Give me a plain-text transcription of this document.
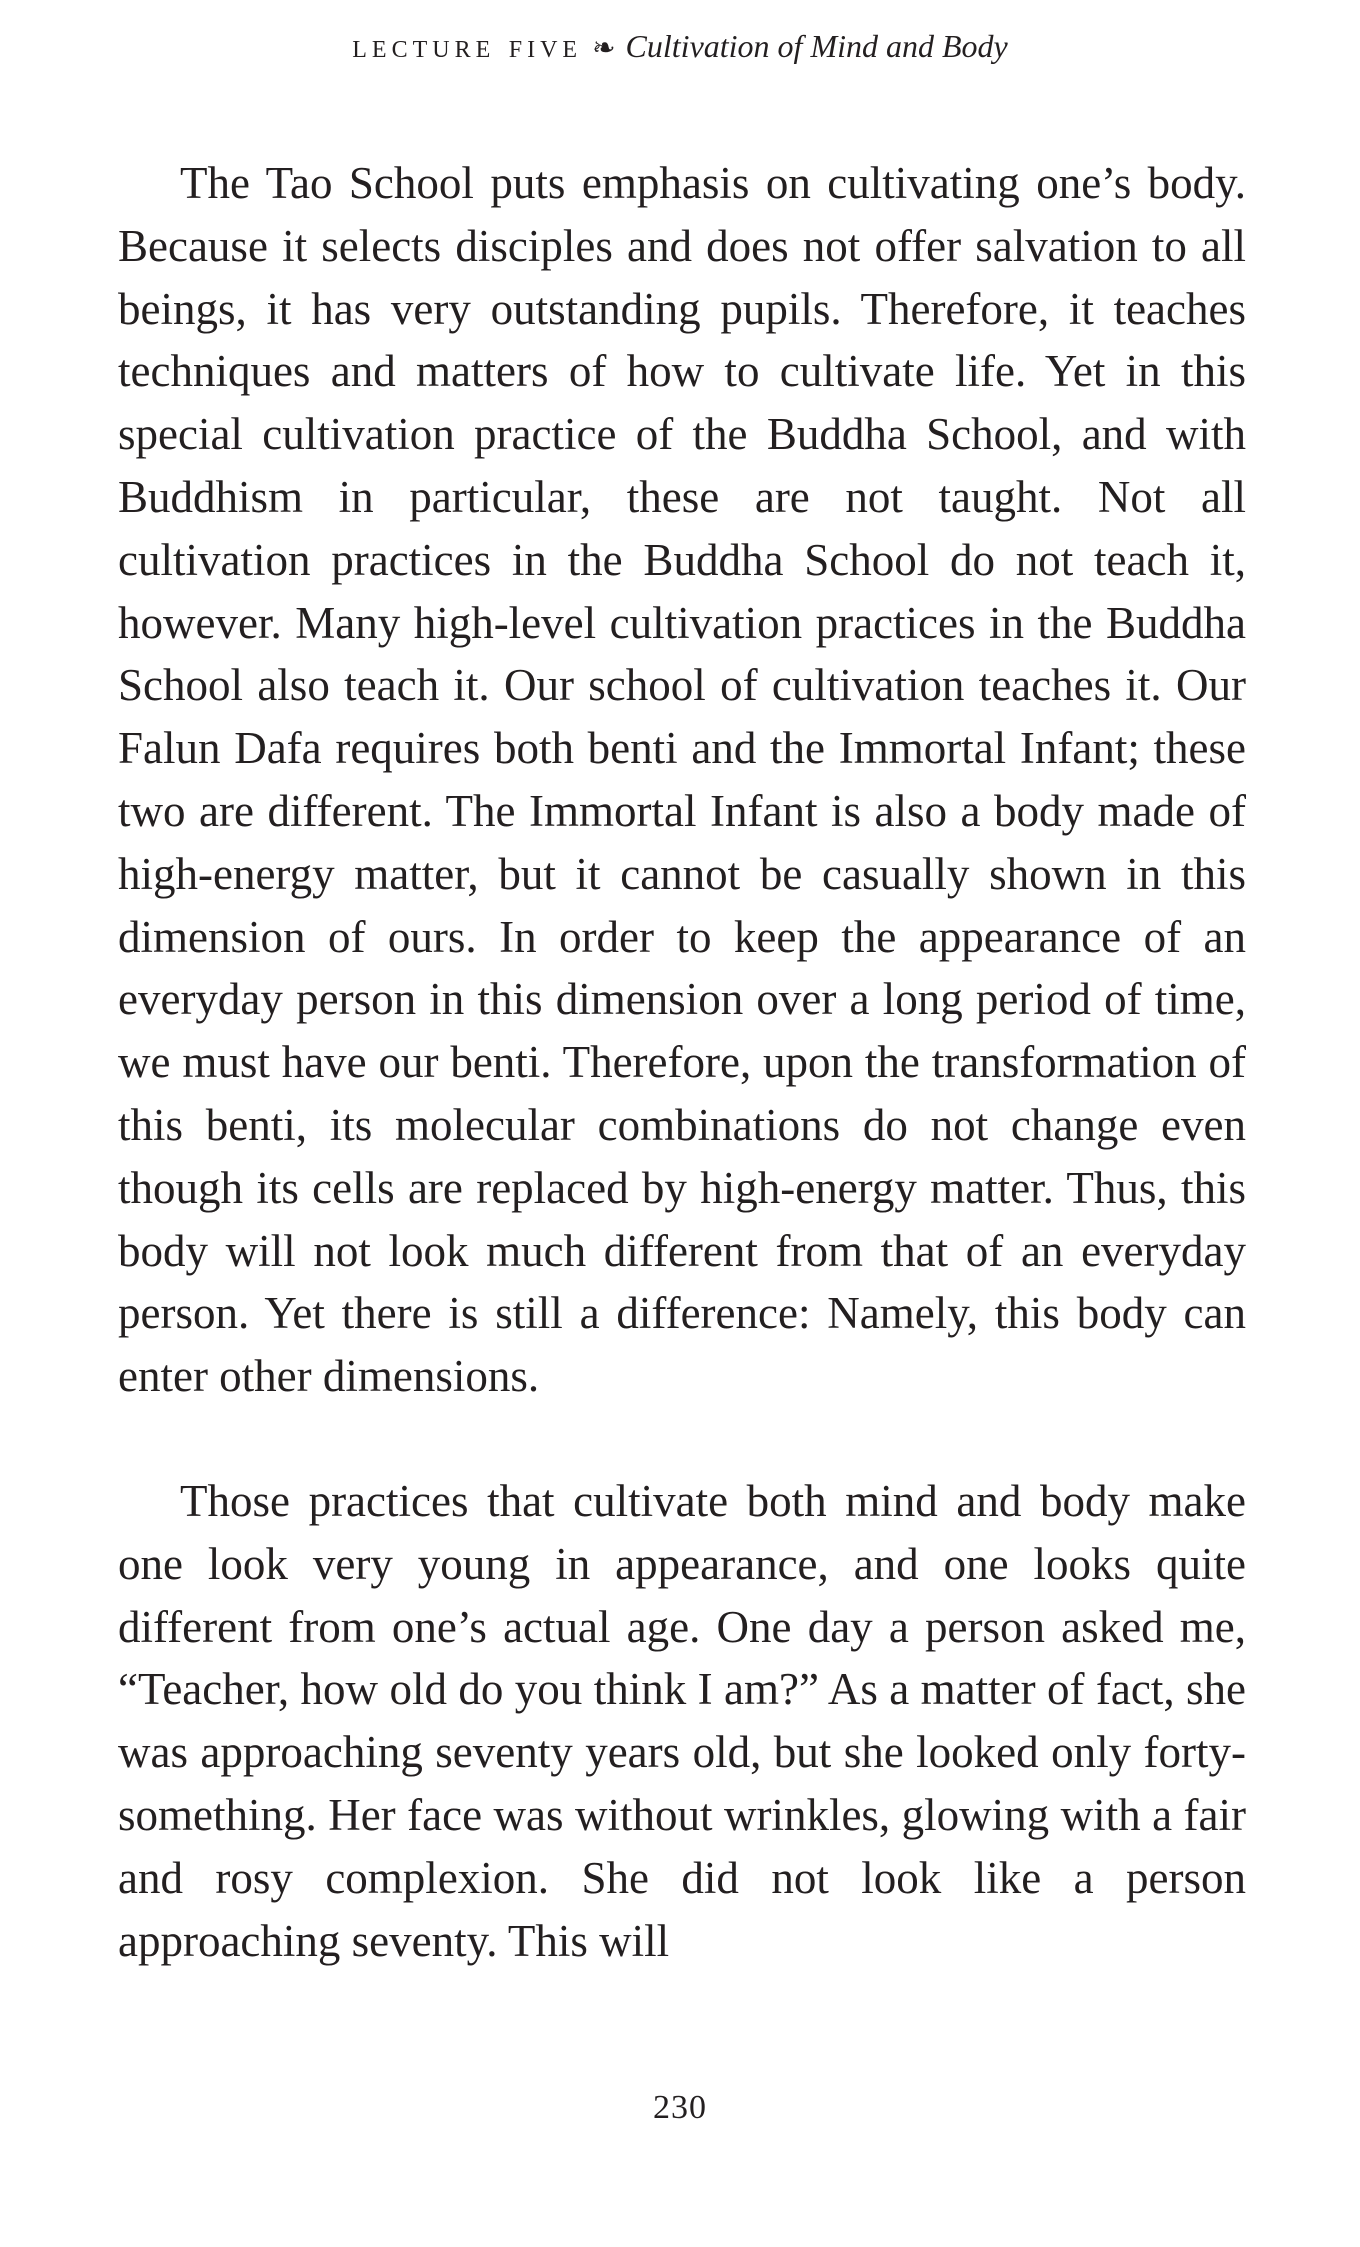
lecture five ❧ Cultivation of Mind and Body

The Tao School puts emphasis on cultivating one’s body. Because it selects disciples and does not offer salvation to all beings, it has very outstanding pupils. Therefore, it teaches techniques and matters of how to cultivate life. Yet in this special cultivation practice of the Buddha School, and with Buddhism in particular, these are not taught. Not all cultivation practices in the Buddha School do not teach it, however. Many high-level cultivation practices in the Buddha School also teach it. Our school of cultivation teaches it. Our Falun Dafa requires both benti and the Immortal Infant; these two are different. The Immortal Infant is also a body made of high-energy matter, but it cannot be casually shown in this dimension of ours. In order to keep the appearance of an everyday person in this dimension over a long period of time, we must have our benti. Therefore, upon the transformation of this benti, its molecular combinations do not change even though its cells are replaced by high-energy matter. Thus, this body will not look much different from that of an everyday person. Yet there is still a difference: Namely, this body can enter other dimensions.

Those practices that cultivate both mind and body make one look very young in appearance, and one looks quite different from one’s actual age. One day a person asked me, “Teacher, how old do you think I am?” As a matter of fact, she was approaching seventy years old, but she looked only forty-something. Her face was without wrinkles, glowing with a fair and rosy complexion. She did not look like a person approaching seventy. This will

230
